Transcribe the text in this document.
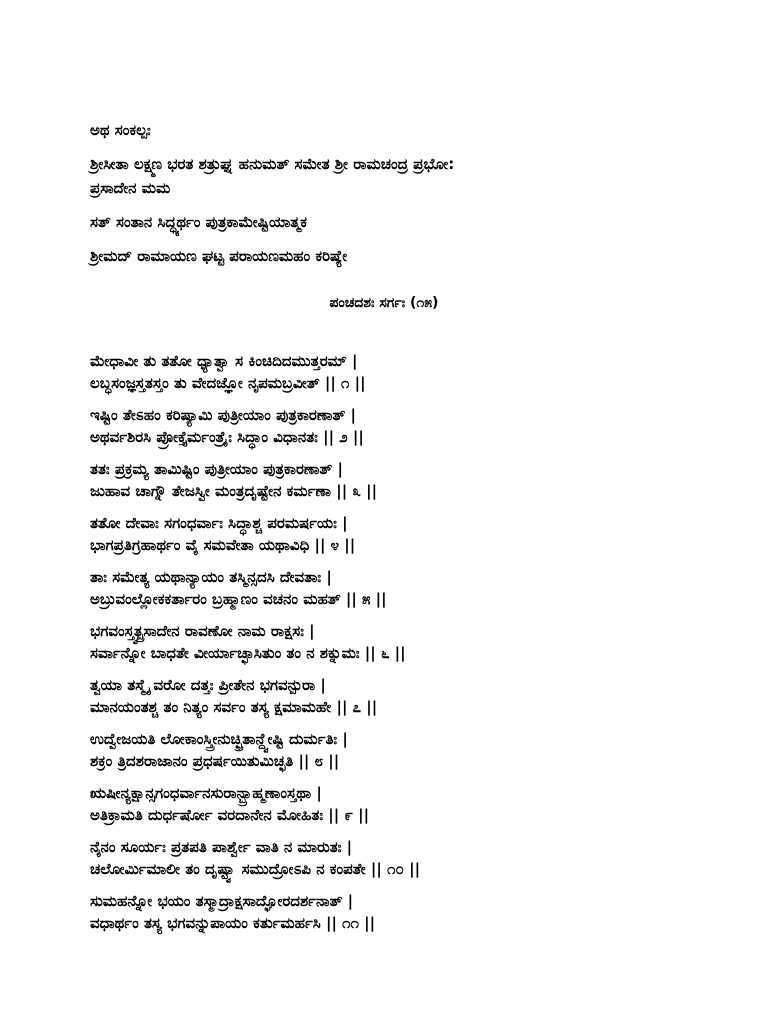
ಅಥ ಸಂಕಲ್ಪಃ

ಶ್ರೀಸೀತಾ ಲಕ್ಷ್ಮಣ ಭರತ ಶತ್ರುಘ್ನ ಹನುಮತ್ ಸಮೇತ ಶ್ರೀ ರಾಮಚಂದ್ರ ಪ್ರಭೋ:

ಪ್ರಸಾದೇನ ಮಮ

ಸತ್ ಸಂತಾನ ಸಿದ್ಧ್ಯರ್ಥಂ ಪುತ್ರಕಾಮೇಷ್ಟಿಯಾತ್ಮಕ

ಶ್ರೀಮದ್ ರಾಮಾಯಣ ಘಟ್ಟ ಪರಾಯಣಮಹಂ ಕರಿಷ್ಯೇ

ಪಂಚದಶಃ ಸರ್ಗಃ (೧೫)

ಮೇಧಾವೀ ತು ತತೋ ಧ್ಯಾತ್ವಾ ಸ ಕಿಂಚಿದಿದಮುತ್ತರಮ್ |

ಲಬ್ಧಸಂಜ್ಞಸ್ತತಸ್ತಂ ತು ವೇದಜ್ಞೋ ನೃಪಮಬ್ರವೀತ್ || ೧ ||

ಇಷ್ಟಿಂ ತೇಽಹಂ ಕರಿಷ್ಯಾಮಿ ಪುತ್ರೀಯಾಂ ಪುತ್ರಕಾರಣಾತ್ |

ಅಥರ್ವಶಿರಸಿ ಪ್ರೋಕ್ತೈರ್ಮಂತ್ರೈಃ ಸಿದ್ಧಾಂ ವಿಧಾನತಃ || ೨ ||

ತತಃ ಪ್ರಕ್ರಮ್ಯ ತಾಮಿಷ್ಟಿಂ ಪುತ್ರೀಯಾಂ ಪುತ್ರಕಾರಣಾತ್ |

ಜುಹಾವ ಚಾಗ್ನೌ ತೇಜಸ್ವೀ ಮಂತ್ರದೃಷ್ಟೇನ ಕರ್ಮಣಾ || ೩ ||

ತತೋ ದೇವಾಃ ಸಗಂಧರ್ವಾಃ ಸಿದ್ಧಾಶ್ಚ ಪರಮರ್ಷಯಃ |

ಭಾಗಪ್ರತಿಗ್ರಹಾರ್ಥಂ ವೈ ಸಮವೇತಾ ಯಥಾವಿಧಿ || ೪ ||

ತಾಃ ಸಮೇತ್ಯ ಯಥಾನ್ಯಾಯಂ ತಸ್ಮಿನ್ಸದಸಿ ದೇವತಾಃ |

ಅಬ್ರುವಂಲ್ಲೋಕಕರ್ತಾರಂ ಬ್ರಹ್ಮಾಣಂ ವಚನಂ ಮಹತ್ || ೫ ||

ಭಗವಂಸ್ತ್ವತ್ಪ್ರಸಾದೇನ ರಾವಣೋ ನಾಮ ರಾಕ್ಷಸಃ |

ಸರ್ವಾನ್ನೋ ಬಾಧತೇ ವೀರ್ಯಾಚ್ಛಾಸಿತುಂ ತಂ ನ ಶಕ್ನುಮಃ || ೬ ||

ತ್ವಯಾ ತಸ್ಮೈ ವರೋ ದತ್ತಃ ಪ್ರೀತೇನ ಭಗವನ್ಪುರಾ |

ಮಾನಯಂತಶ್ಚ ತಂ ನಿತ್ಯಂ ಸರ್ವಂ ತಸ್ಯ ಕ್ಷಮಾಮಹೇ || ೭ ||

ಉದ್ವೇಜಯತಿ ಲೋಕಾಂಸ್ತ್ರೀನುಚ್ಛ್ರಿತಾನ್ದ್ವೇಷ್ಟಿ ದುರ್ಮತಿಃ |

ಶಕ್ರಂ ತ್ರಿದಶರಾಜಾನಂ ಪ್ರಧರ್ಷಯಿತುಮಿಚ್ಛತಿ || ೮ ||

ಋಷೀನ್ಯಕ್ಷಾನ್ಸಗಂಧರ್ವಾನಸುರಾನ್ಬ್ರಾಹ್ಮಣಾಂಸ್ತಥಾ |

ಅತಿಕ್ರಾಮತಿ ದುರ್ಧರ್ಷೋ ವರದಾನೇನ ಮೋಹಿತಃ || ೯ ||

ನೈನಂ ಸೂರ್ಯಃ ಪ್ರತಪತಿ ಪಾರ್ಶ್ವೇ ವಾತಿ ನ ಮಾರುತಃ |

ಚಲೋರ್ಮಿಮಾಲೀ ತಂ ದೃಷ್ಟ್ವಾ ಸಮುದ್ರೋಽಪಿ ನ ಕಂಪತೇ || ೧೦ ||

ಸುಮಹನ್ನೋ ಭಯಂ ತಸ್ಮಾದ್ರಾಕ್ಷಸಾದ್ಘೋರದರ್ಶನಾತ್ |

ವಧಾರ್ಥಂ ತಸ್ಯ ಭಗವನ್ನುಪಾಯಂ ಕರ್ತುಮರ್ಹಸಿ || ೧೧ ||
